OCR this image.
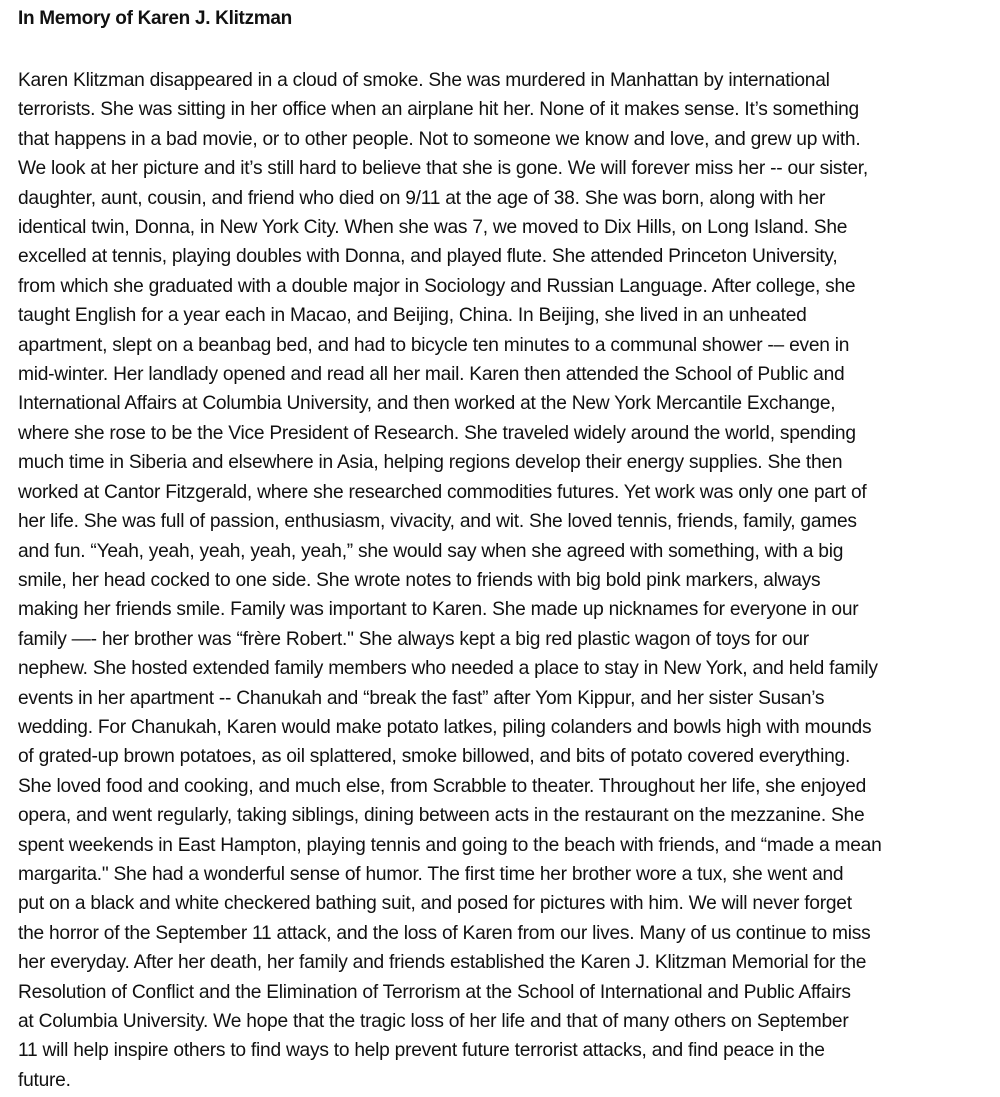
In Memory of Karen J. Klitzman
Karen Klitzman disappeared in a cloud of smoke. She was murdered in Manhattan by international
terrorists. She was sitting in her office when an airplane hit her. None of it makes sense. It’s something
that happens in a bad movie, or to other people. Not to someone we know and love, and grew up with.
We look at her picture and it’s still hard to believe that she is gone. We will forever miss her -- our sister,
daughter, aunt, cousin, and friend who died on 9/11 at the age of 38. She was born, along with her
identical twin, Donna, in New York City. When she was 7, we moved to Dix Hills, on Long Island. She
excelled at tennis, playing doubles with Donna, and played flute. She attended Princeton University,
from which she graduated with a double major in Sociology and Russian Language. After college, she
taught English for a year each in Macao, and Beijing, China. In Beijing, she lived in an unheated
apartment, slept on a beanbag bed, and had to bicycle ten minutes to a communal shower -– even in
mid-winter. Her landlady opened and read all her mail. Karen then attended the School of Public and
International Affairs at Columbia University, and then worked at the New York Mercantile Exchange,
where she rose to be the Vice President of Research. She traveled widely around the world, spending
much time in Siberia and elsewhere in Asia, helping regions develop their energy supplies. She then
worked at Cantor Fitzgerald, where she researched commodities futures. Yet work was only one part of
her life. She was full of passion, enthusiasm, vivacity, and wit. She loved tennis, friends, family, games
and fun. “Yeah, yeah, yeah, yeah, yeah,” she would say when she agreed with something, with a big
smile, her head cocked to one side. She wrote notes to friends with big bold pink markers, always
making her friends smile. Family was important to Karen. She made up nicknames for everyone in our
family —- her brother was “frère Robert." She always kept a big red plastic wagon of toys for our
nephew. She hosted extended family members who needed a place to stay in New York, and held family
events in her apartment -- Chanukah and “break the fast” after Yom Kippur, and her sister Susan’s
wedding. For Chanukah, Karen would make potato latkes, piling colanders and bowls high with mounds
of grated-up brown potatoes, as oil splattered, smoke billowed, and bits of potato covered everything.
She loved food and cooking, and much else, from Scrabble to theater. Throughout her life, she enjoyed
opera, and went regularly, taking siblings, dining between acts in the restaurant on the mezzanine. She
spent weekends in East Hampton, playing tennis and going to the beach with friends, and “made a mean
margarita." She had a wonderful sense of humor. The first time her brother wore a tux, she went and
put on a black and white checkered bathing suit, and posed for pictures with him. We will never forget
the horror of the September 11 attack, and the loss of Karen from our lives. Many of us continue to miss
her everyday. After her death, her family and friends established the Karen J. Klitzman Memorial for the
Resolution of Conflict and the Elimination of Terrorism at the School of International and Public Affairs
at Columbia University. We hope that the tragic loss of her life and that of many others on September
11 will help inspire others to find ways to help prevent future terrorist attacks, and find peace in the
future.
